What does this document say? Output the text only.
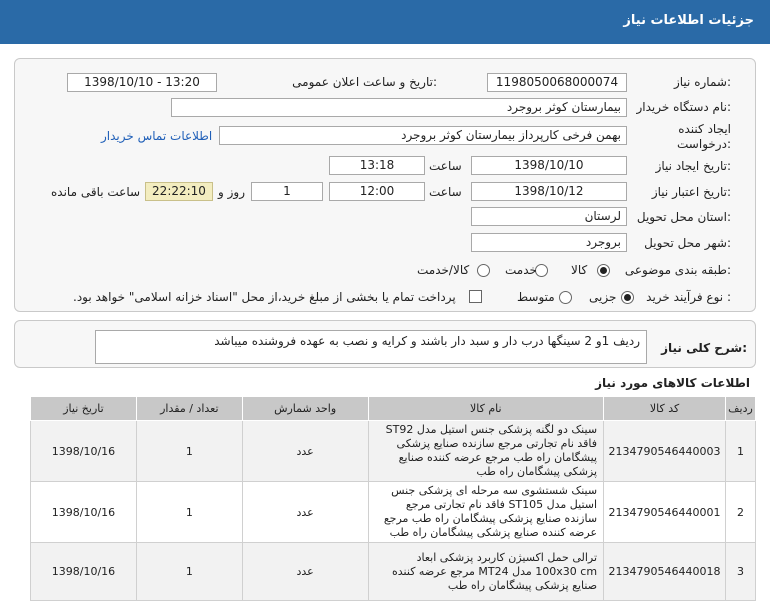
جزئیات اطلاعات نیاز
شماره نیاز:
1198050068000074
تاریخ و ساعت اعلان عمومی:
1398/10/10 - 13:20
نام دستگاه خریدار:
بیمارستان کوثر بروجرد
ایجاد کننده درخواست:
بهمن فرخی کارپرداز بیمارستان کوثر بروجرد
اطلاعات تماس خریدار
تاریخ ایجاد نیاز:
1398/10/10
ساعت
13:18
تاریخ اعتبار نیاز:
1398/10/12
ساعت
12:00
1
روز و
22:22:10
ساعت باقی مانده
استان محل تحویل:
لرستان
شهر محل تحویل:
بروجرد
طبقه بندی موضوعی:
کالا
خدمت
کالا/خدمت
نوع فرآیند خرید :
جزیی
متوسط
پرداخت تمام یا بخشی از مبلغ خرید،از محل "اسناد خزانه اسلامی" خواهد بود.
شرح کلی نیاز:
ردیف 1و 2 سینگها درب دار و سبد دار باشند و کرایه و نصب به عهده فروشنده میباشد
اطلاعات کالاهای مورد نیاز
ردیف	کد کالا	نام کالا	واحد شمارش	تعداد / مقدار	تاریخ نیاز
1	2134790546440003	سینک دو لگنه پزشکی جنس استیل مدل ST92 فاقد نام تجارتی مرجع سازنده صنایع پزشکی پیشگامان راه طب مرجع عرضه کننده صنایع پزشکی پیشگامان راه طب	عدد	1	1398/10/16
2	2134790546440001	سینک شستشوی سه مرحله ای پزشکی جنس استیل مدل ST105 فاقد نام تجارتی مرجع سازنده صنایع پزشکی پیشگامان راه طب مرجع عرضه کننده صنایع پزشکی پیشگامان راه طب	عدد	1	1398/10/16
3	2134790546440018	ترالی حمل اکسیژن کاربرد پزشکی ابعاد 100x30 cm مدل MT24 مرجع عرضه کننده صنایع پزشکی پیشگامان راه طب	عدد	1	1398/10/16
